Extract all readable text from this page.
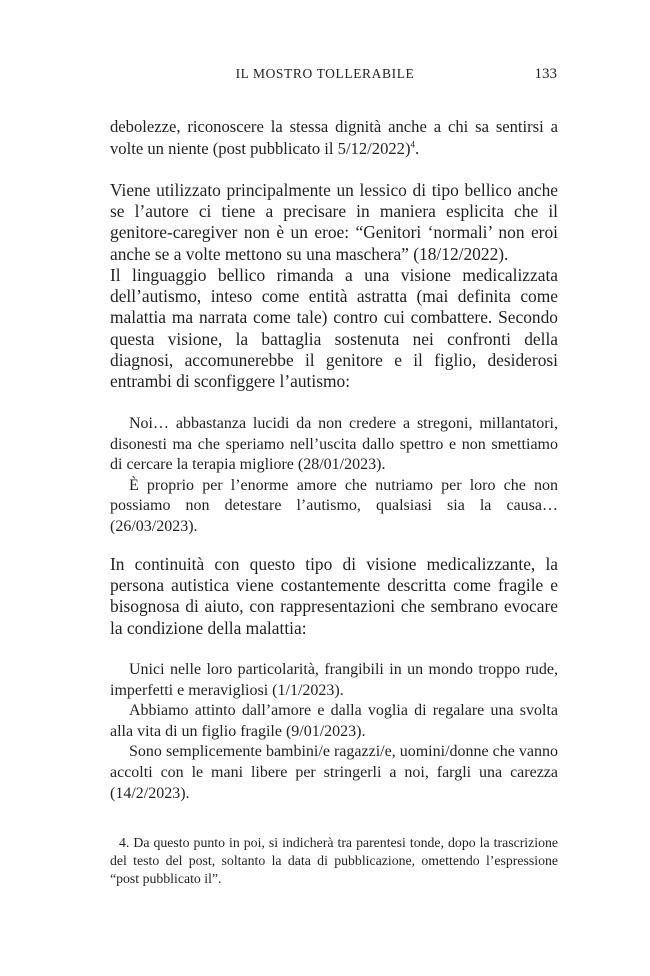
IL MOSTRO TOLLERABILE	133

debolezze, riconoscere la stessa dignità anche a chi sa sentirsi a volte un niente (post pubblicato il 5/12/2022)$^4$.

Viene utilizzato principalmente un lessico di tipo bellico anche se l’autore ci tiene a precisare in maniera esplicita che il genitore-caregiver non è un eroe: “Genitori ‘normali’ non eroi anche se a volte mettono su una maschera” (18/12/2022).

Il linguaggio bellico rimanda a una visione medicalizzata dell’autismo, inteso come entità astratta (mai definita come malattia ma narrata come tale) contro cui combattere. Secondo questa visione, la battaglia sostenuta nei confronti della diagnosi, accomunerebbe il genitore e il figlio, desiderosi entrambi di sconfiggere l’autismo:

Noi… abbastanza lucidi da non credere a stregoni, millantatori, disonesti ma che speriamo nell’uscita dallo spettro e non smettiamo di cercare la terapia migliore (28/01/2023).

È proprio per l’enorme amore che nutriamo per loro che non possiamo non detestare l’autismo, qualsiasi sia la causa… (26/03/2023).

In continuità con questo tipo di visione medicalizzante, la persona autistica viene costantemente descritta come fragile e bisognosa di aiuto, con rappresentazioni che sembrano evocare la condizione della malattia:

Unici nelle loro particolarità, frangibili in un mondo troppo rude, imperfetti e meravigliosi (1/1/2023).

Abbiamo attinto dall’amore e dalla voglia di regalare una svolta alla vita di un figlio fragile (9/01/2023).

Sono semplicemente bambini/e ragazzi/e, uomini/donne che vanno accolti con le mani libere per stringerli a noi, fargli una carezza (14/2/2023).

4. Da questo punto in poi, si indicherà tra parentesi tonde, dopo la trascrizione del testo del post, soltanto la data di pubblicazione, omettendo l’espressione “post pubblicato il”.
